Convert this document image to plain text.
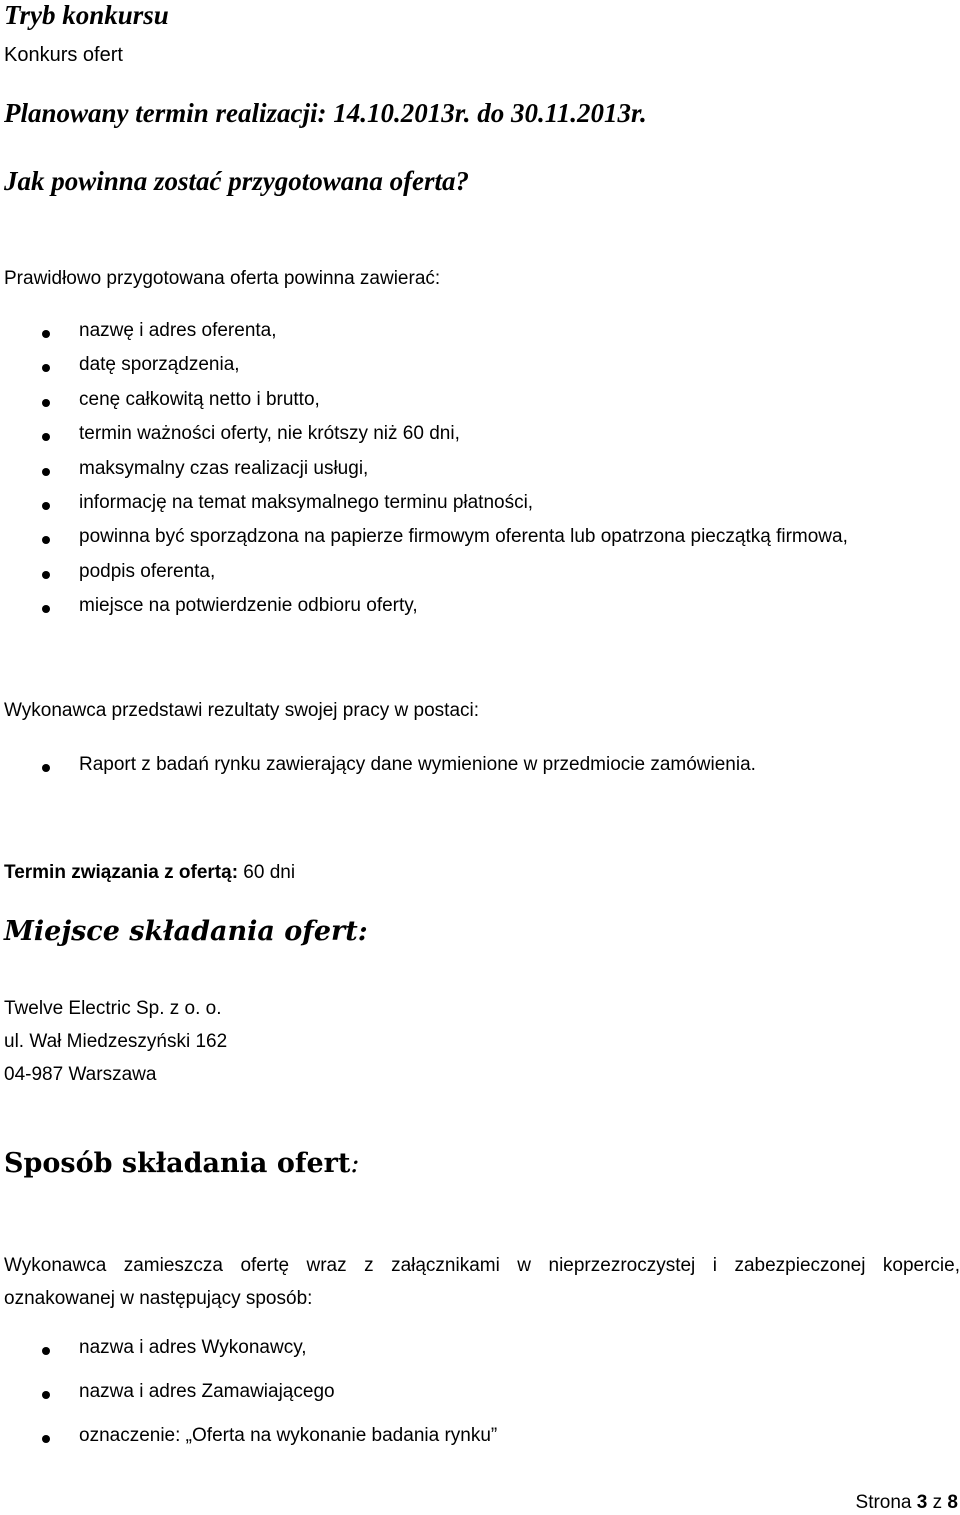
Tryb konkursu
Konkurs ofert
Planowany termin realizacji: 14.10.2013r. do 30.11.2013r.
Jak powinna zostać przygotowana oferta?
Prawidłowo przygotowana oferta powinna zawierać:
nazwę i adres oferenta,
datę sporządzenia,
cenę całkowitą netto i brutto,
termin ważności oferty, nie krótszy niż 60 dni,
maksymalny czas realizacji usługi,
informację na temat maksymalnego terminu płatności,
powinna być sporządzona na papierze firmowym oferenta lub opatrzona pieczątką firmowa,
podpis oferenta,
miejsce na potwierdzenie odbioru oferty,
Wykonawca przedstawi rezultaty swojej pracy w postaci:
Raport z badań rynku zawierający dane wymienione w przedmiocie zamówienia.
Termin związania z ofertą: 60 dni
Miejsce składania ofert:
Twelve Electric Sp. z o. o.
ul. Wał Miedzeszyński 162
04-987 Warszawa
Sposób składania ofert:
Wykonawca zamieszcza ofertę wraz z załącznikami w nieprzezroczystej i zabezpieczonej kopercie,
oznakowanej w następujący sposób:
nazwa i adres Wykonawcy,
nazwa i adres Zamawiającego
oznaczenie: „Oferta na wykonanie badania rynku”
Strona 3 z 8
